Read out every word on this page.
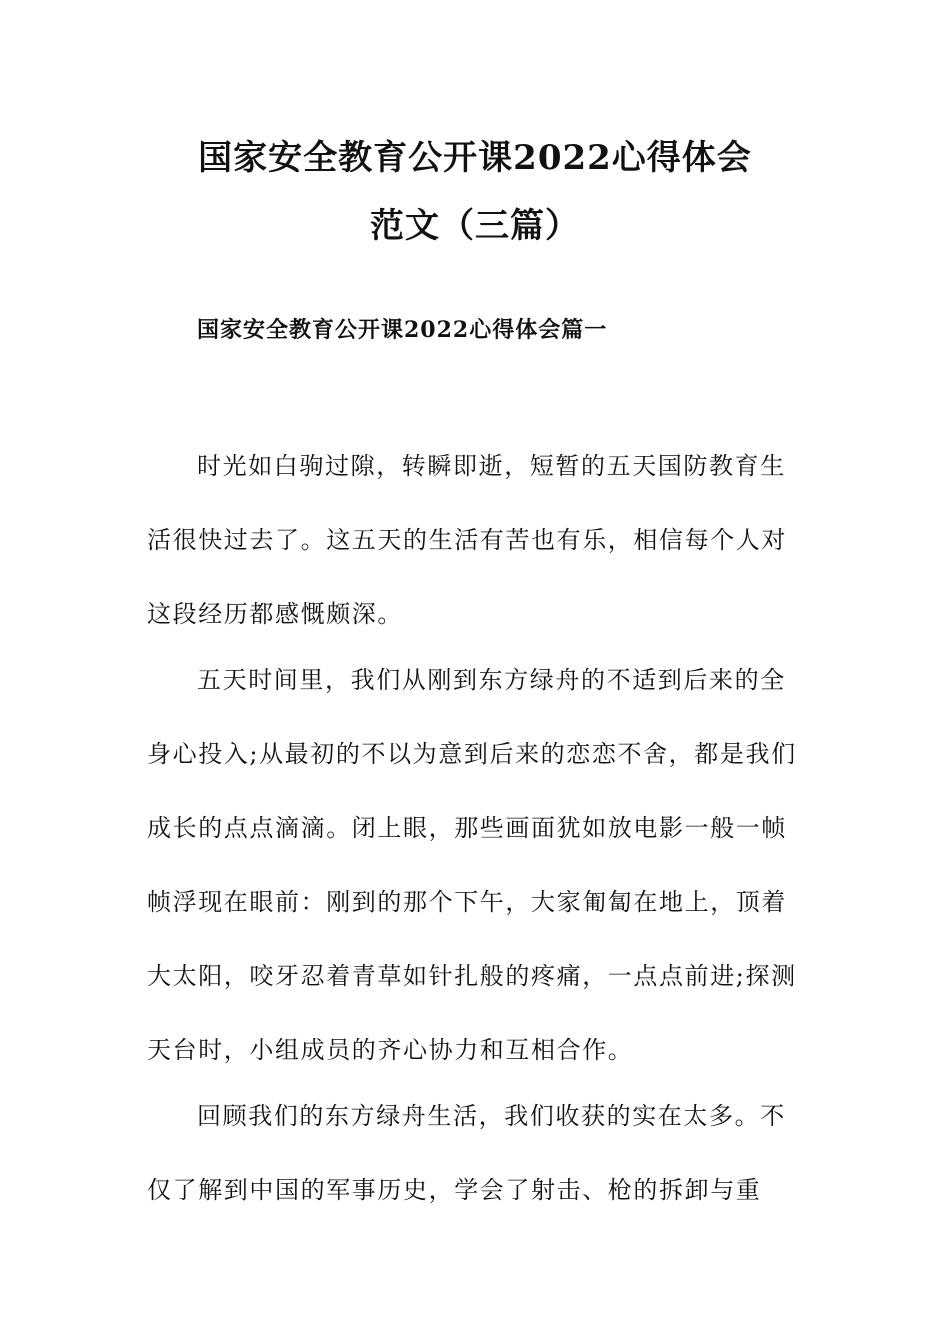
国家安全教育公开课2022心得体会
范文（三篇）
国家安全教育公开课2022心得体会篇一

时光如白驹过隙，转瞬即逝，短暂的五天国防教育生

活很快过去了。这五天的生活有苦也有乐，相信每个人对

这段经历都感慨颇深。

五天时间里，我们从刚到东方绿舟的不适到后来的全

身心投入;从最初的不以为意到后来的恋恋不舍，都是我们

成长的点点滴滴。闭上眼，那些画面犹如放电影一般一帧

帧浮现在眼前：刚到的那个下午，大家匍匐在地上，顶着

大太阳，咬牙忍着青草如针扎般的疼痛，一点点前进;探测

天台时，小组成员的齐心协力和互相合作。

回顾我们的东方绿舟生活，我们收获的实在太多。不

仅了解到中国的军事历史，学会了射击、枪的拆卸与重
